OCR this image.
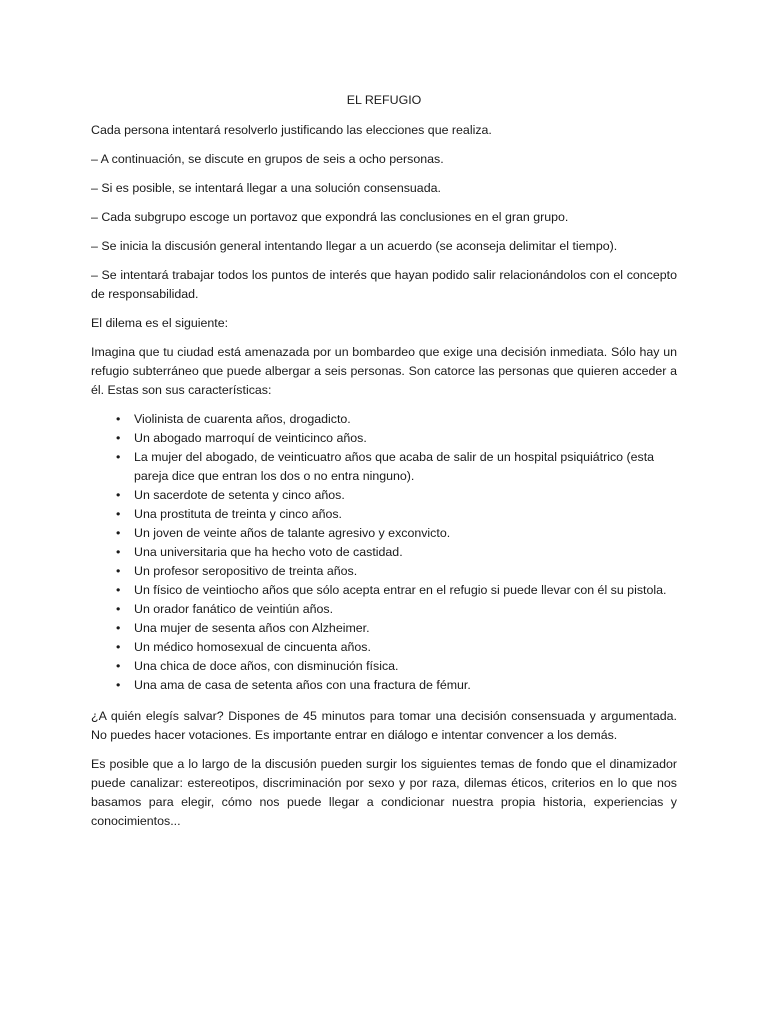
EL REFUGIO

Cada persona intentará resolverlo justificando las elecciones que realiza.

– A continuación, se discute en grupos de seis a ocho personas.

– Si es posible, se intentará llegar a una solución consensuada.

– Cada subgrupo escoge un portavoz que expondrá las conclusiones en el gran grupo.

– Se inicia la discusión general intentando llegar a un acuerdo (se aconseja delimitar el tiempo).

– Se intentará trabajar todos los puntos de interés que hayan podido salir relacionándolos con el concepto de responsabilidad.

El dilema es el siguiente:

Imagina que tu ciudad está amenazada por un bombardeo que exige una decisión inmediata. Sólo hay un refugio subterráneo que puede albergar a seis personas. Son catorce las personas que quieren acceder a él. Estas son sus características:

• Violinista de cuarenta años, drogadicto.
• Un abogado marroquí de veinticinco años.
• La mujer del abogado, de veinticuatro años que acaba de salir de un hospital psiquiátrico (esta pareja dice que entran los dos o no entra ninguno).
• Un sacerdote de setenta y cinco años.
• Una prostituta de treinta y cinco años.
• Un joven de veinte años de talante agresivo y exconvicto.
• Una universitaria que ha hecho voto de castidad.
• Un profesor seropositivo de treinta años.
• Un físico de veintiocho años que sólo acepta entrar en el refugio si puede llevar con él su pistola.
• Un orador fanático de veintiún años.
• Una mujer de sesenta años con Alzheimer.
• Un médico homosexual de cincuenta años.
• Una chica de doce años, con disminución física.
• Una ama de casa de setenta años con una fractura de fémur.

¿A quién elegís salvar? Dispones de 45 minutos para tomar una decisión consensuada y argumentada. No puedes hacer votaciones. Es importante entrar en diálogo e intentar convencer a los demás.

Es posible que a lo largo de la discusión pueden surgir los siguientes temas de fondo que el dinamizador puede canalizar: estereotipos, discriminación por sexo y por raza, dilemas éticos, criterios en lo que nos basamos para elegir, cómo nos puede llegar a condicionar nuestra propia historia, experiencias y conocimientos...
